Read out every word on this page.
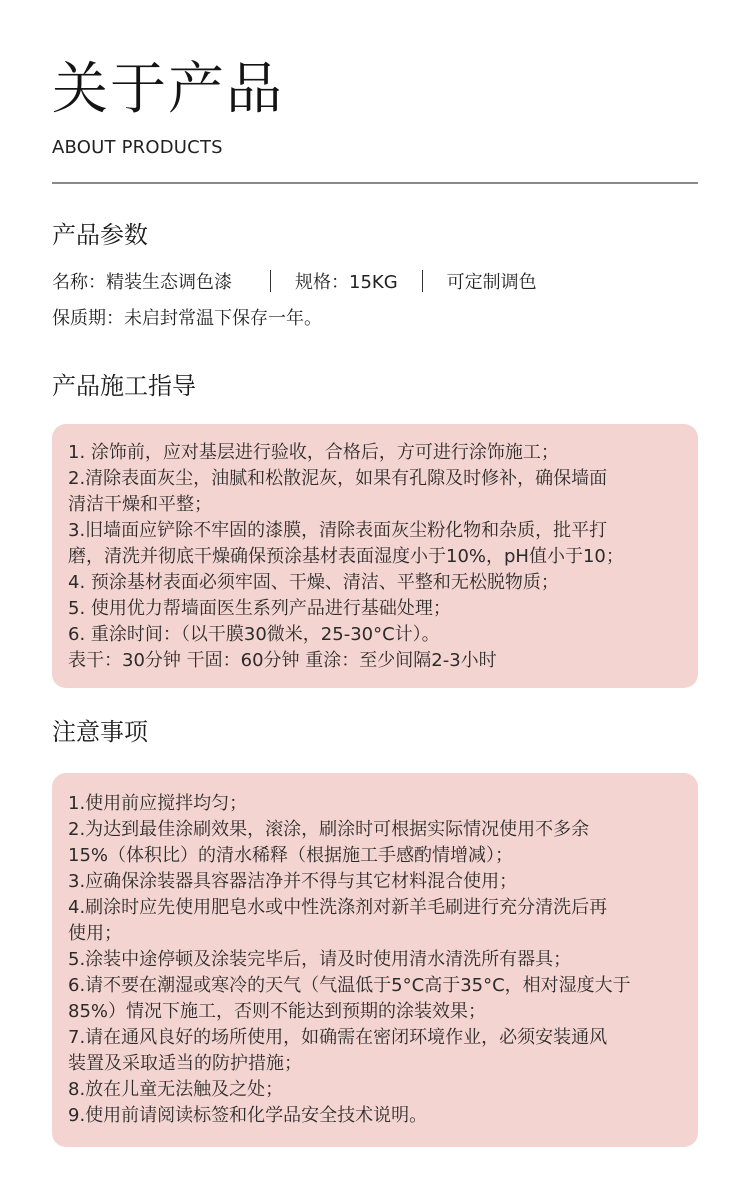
关于产品
ABOUT PRODUCTS
产品参数
名称：精装生态调色漆	规格：15KG	可定制调色
保质期：未启封常温下保存一年。
产品施工指导
1. 涂饰前，应对基层进行验收，合格后，方可进行涂饰施工；
2.清除表面灰尘，油腻和松散泥灰，如果有孔隙及时修补，确保墙面
清洁干燥和平整；
3.旧墙面应铲除不牢固的漆膜，清除表面灰尘粉化物和杂质，批平打
磨，清洗并彻底干燥确保预涂基材表面湿度小于10%，pH值小于10；
4. 预涂基材表面必须牢固、干燥、清洁、平整和无松脱物质；
5. 使用优力帮墙面医生系列产品进行基础处理；
6. 重涂时间：（以干膜30微米，25-30°C计）。
表干：30分钟 干固：60分钟 重涂：至少间隔2-3小时
注意事项
1.使用前应搅拌均匀；
2.为达到最佳涂刷效果，滚涂，刷涂时可根据实际情况使用不多余
15%（体积比）的清水稀释（根据施工手感酌情增减）；
3.应确保涂装器具容器洁净并不得与其它材料混合使用；
4.刷涂时应先使用肥皂水或中性洗涤剂对新羊毛刷进行充分清洗后再
使用；
5.涂装中途停顿及涂装完毕后，请及时使用清水清洗所有器具；
6.请不要在潮湿或寒冷的天气（气温低于5°C高于35°C，相对湿度大于
85%）情况下施工，否则不能达到预期的涂装效果；
7.请在通风良好的场所使用，如确需在密闭环境作业，必须安装通风
装置及采取适当的防护措施；
8.放在儿童无法触及之处；
9.使用前请阅读标签和化学品安全技术说明。
